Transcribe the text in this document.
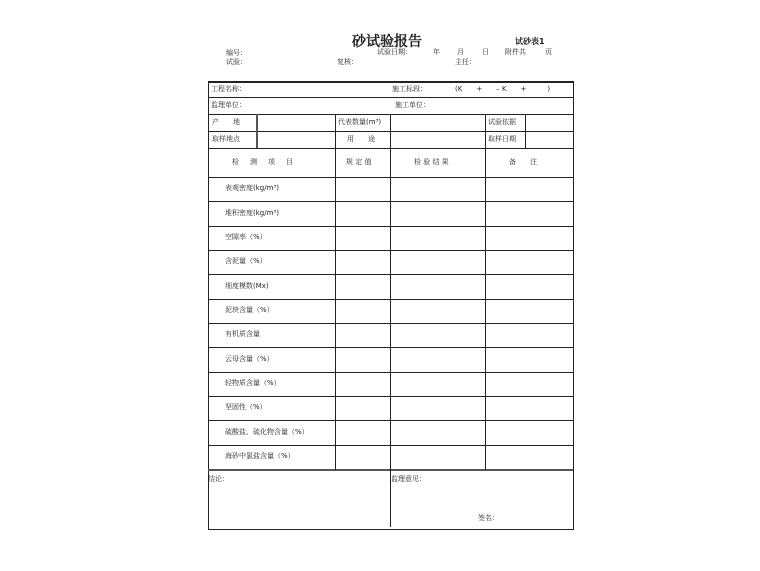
砂试验报告	试砂表1
编号：	试验日期：	年 月	日 附件共	页
试验：	复核：	主任：
工程名称：	施工标段：	(K　　+　　– K　　+　　　)
监理单位：	施工单位：
产　　地	代表数量(m³)	试验依据
取样地点	用　　途	取样日期
检　测　项　目	规 定 值	检 验 结 果	备　　注
表观密度(kg/m³)
堆积密度(kg/m³)
空隙率（%）
含泥量（%）
细度模数(Mx)
泥块含量（%）
有机质含量
云母含量（%）
轻物质含量（%）
坚固性（%）
硫酸盐、硫化物含量（%）
海砂中氯盐含量（%）
结论：	监理意见：
签名：
